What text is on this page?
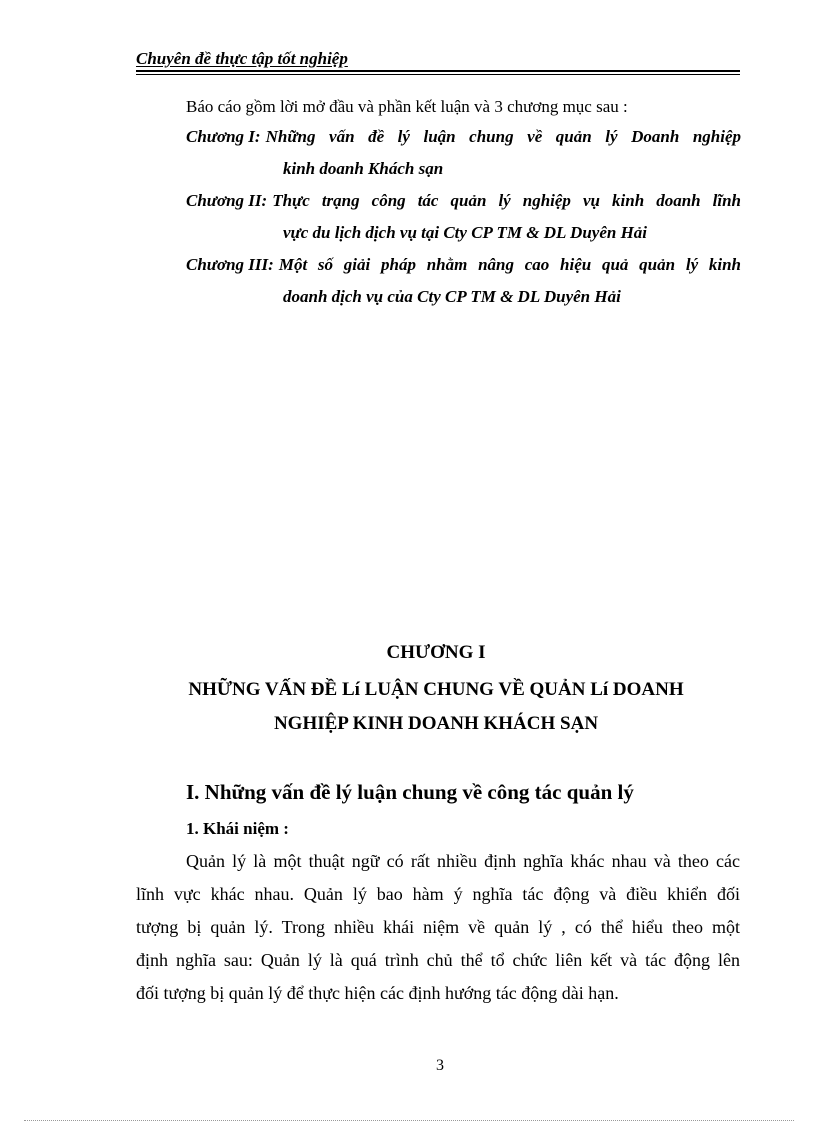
Chuyên đề thực tập tốt nghiệp
Báo cáo gồm lời mở đầu và phần kết luận và 3 chương mục sau :
Chương I: Những vấn đề lý luận chung về quản lý Doanh nghiệp
kinh doanh Khách sạn
Chương II: Thực trạng công tác quản lý nghiệp vụ kinh doanh lĩnh
vực du lịch dịch vụ tại Cty CP TM & DL Duyên Hải
Chương III: Một số giải pháp nhằm nâng cao hiệu quả quản lý kinh
doanh dịch vụ của Cty CP TM & DL Duyên Hải
CHƯƠNG I
NHỮNG VẤN ĐỀ Lí LUẬN CHUNG VỀ QUẢN Lí DOANH
NGHIỆP KINH DOANH KHÁCH SẠN
I. Những vấn đề lý luận chung về công tác quản lý
1. Khái niệm :
Quản lý là một thuật ngữ có rất nhiều định nghĩa khác nhau và theo các
lĩnh vực khác nhau. Quản lý bao hàm ý nghĩa tác động và điều khiển đối
tượng bị quản lý. Trong nhiều khái niệm về quản lý , có thể hiểu theo một
định nghĩa sau: Quản lý là quá trình chủ thể tổ chức liên kết và tác động lên
đối tượng bị quản lý để thực hiện các định hướng tác động dài hạn.
3
